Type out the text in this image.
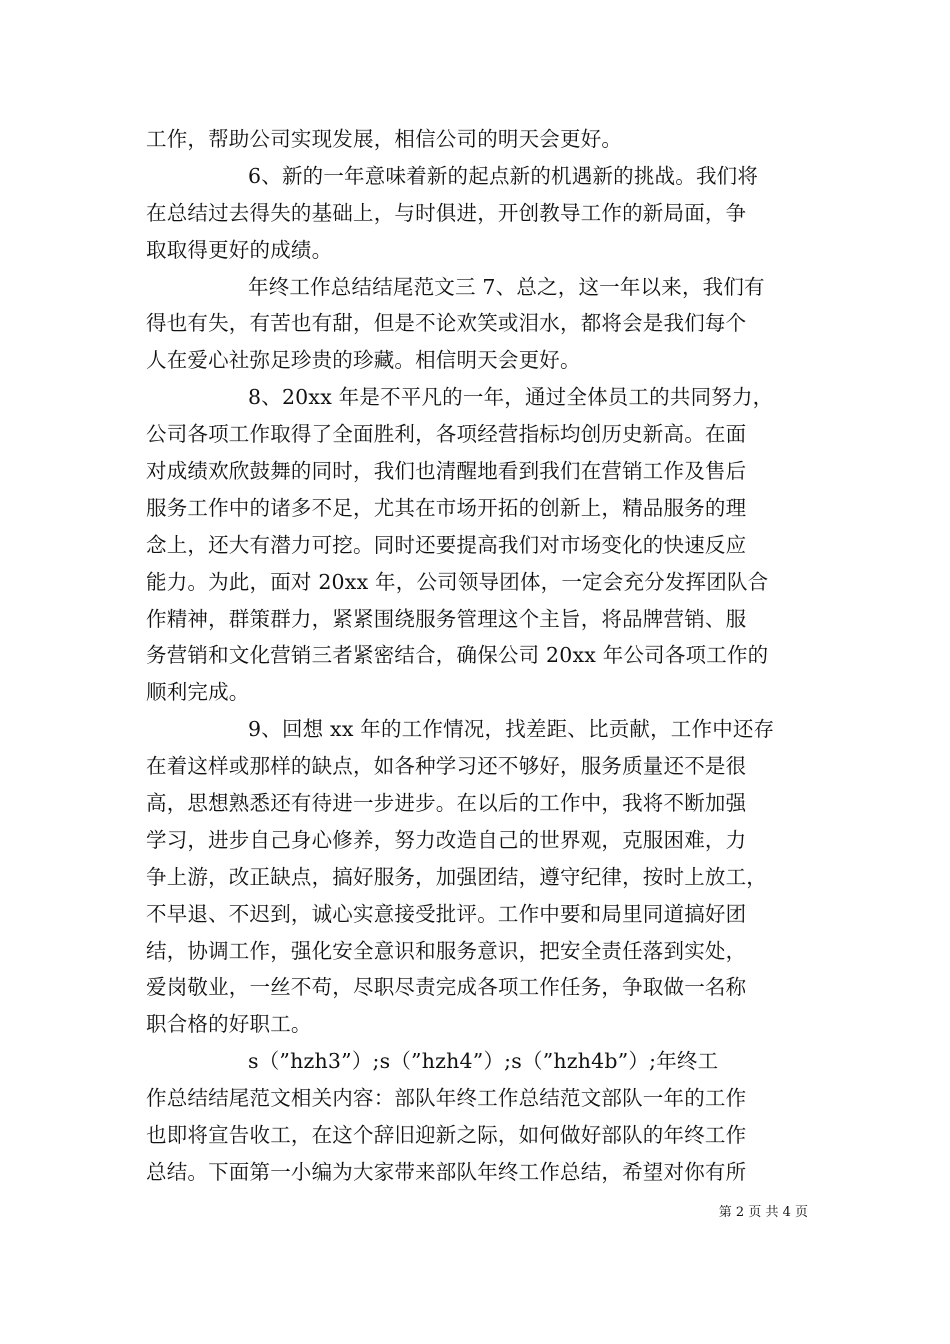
工作，帮助公司实现发展，相信公司的明天会更好。
6、新的一年意味着新的起点新的机遇新的挑战。我们将
在总结过去得失的基础上，与时俱进，开创教导工作的新局面，争
取取得更好的成绩。
年终工作总结结尾范文三 7、总之，这一年以来，我们有
得也有失，有苦也有甜，但是不论欢笑或泪水，都将会是我们每个
人在爱心社弥足珍贵的珍藏。相信明天会更好。
8、20xx 年是不平凡的一年，通过全体员工的共同努力，
公司各项工作取得了全面胜利，各项经营指标均创历史新高。在面
对成绩欢欣鼓舞的同时，我们也清醒地看到我们在营销工作及售后
服务工作中的诸多不足，尤其在市场开拓的创新上，精品服务的理
念上，还大有潜力可挖。同时还要提高我们对市场变化的快速反应
能力。为此，面对 20xx 年，公司领导团体，一定会充分发挥团队合
作精神，群策群力，紧紧围绕服务管理这个主旨，将品牌营销、服
务营销和文化营销三者紧密结合，确保公司 20xx 年公司各项工作的
顺利完成。
9、回想 xx 年的工作情况，找差距、比贡献，工作中还存
在着这样或那样的缺点，如各种学习还不够好，服务质量还不是很
高，思想熟悉还有待进一步进步。在以后的工作中，我将不断加强
学习，进步自己身心修养，努力改造自己的世界观，克服困难，力
争上游，改正缺点，搞好服务，加强团结，遵守纪律，按时上放工，
不早退、不迟到，诚心实意接受批评。工作中要和局里同道搞好团
结，协调工作，强化安全意识和服务意识，把安全责任落到实处，
爱岗敬业，一丝不苟，尽职尽责完成各项工作任务，争取做一名称
职合格的好职工。
s（”hzh3”）;s（”hzh4”）;s（”hzh4b”）;年终工
作总结结尾范文相关内容：部队年终工作总结范文部队一年的工作
也即将宣告收工，在这个辞旧迎新之际，如何做好部队的年终工作
总结。下面第一小编为大家带来部队年终工作总结，希望对你有所
第 2 页 共 4 页
